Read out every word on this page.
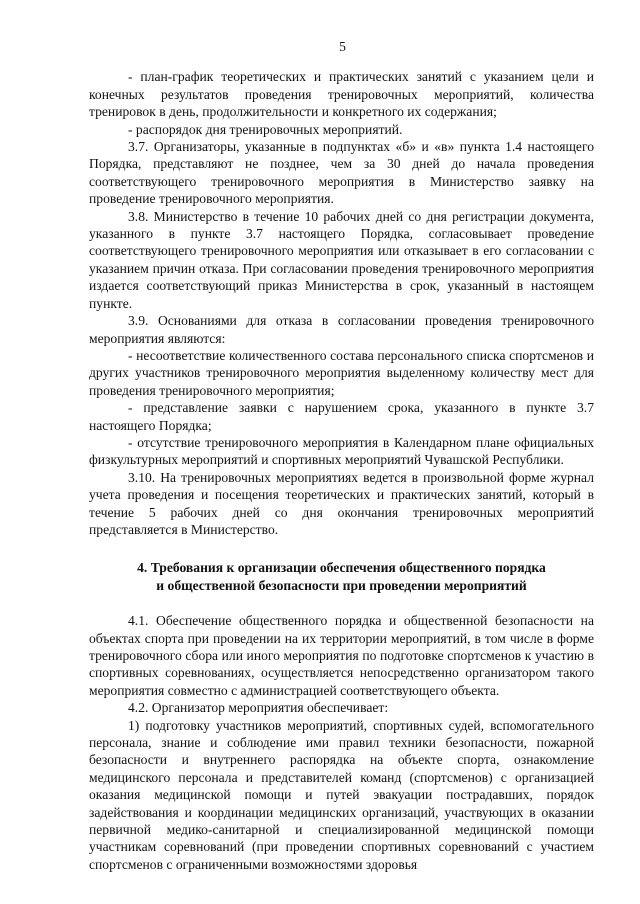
5

- план-график теоретических и практических занятий с указанием цели и конечных результатов проведения тренировочных мероприятий, количества тренировок в день, продолжительности и конкретного их содержания;

- распорядок дня тренировочных мероприятий.

3.7. Организаторы, указанные в подпунктах «б» и «в» пункта 1.4 настоящего Порядка, представляют не позднее, чем за 30 дней до начала проведения соответствующего тренировочного мероприятия в Министерство заявку на проведение тренировочного мероприятия.

3.8. Министерство в течение 10 рабочих дней со дня регистрации документа, указанного в пункте 3.7 настоящего Порядка, согласовывает проведение соответствующего тренировочного мероприятия или отказывает в его согласовании с указанием причин отказа. При согласовании проведения тренировочного мероприятия издается соответствующий приказ Министерства в срок, указанный в настоящем пункте.

3.9. Основаниями для отказа в согласовании проведения тренировочного мероприятия являются:

- несоответствие количественного состава персонального списка спортсменов и других участников тренировочного мероприятия выделенному количеству мест для проведения тренировочного мероприятия;

- представление заявки с нарушением срока, указанного в пункте 3.7 настоящего Порядка;

- отсутствие тренировочного мероприятия в Календарном плане официальных физкультурных мероприятий и спортивных мероприятий Чувашской Республики.

3.10. На тренировочных мероприятиях ведется в произвольной форме журнал учета проведения и посещения теоретических и практических занятий, который в течение 5 рабочих дней со дня окончания тренировочных мероприятий представляется в Министерство.

4. Требования к организации обеспечения общественного порядка
и общественной безопасности при проведении мероприятий

4.1. Обеспечение общественного порядка и общественной безопасности на объектах спорта при проведении на их территории мероприятий, в том числе в форме тренировочного сбора или иного мероприятия по подготовке спортсменов к участию в спортивных соревнованиях, осуществляется непосредственно организатором такого мероприятия совместно с администрацией соответствующего объекта.

4.2. Организатор мероприятия обеспечивает:

1) подготовку участников мероприятий, спортивных судей, вспомогательного персонала, знание и соблюдение ими правил техники безопасности, пожарной безопасности и внутреннего распорядка на объекте спорта, ознакомление медицинского персонала и представителей команд (спортсменов) с организацией оказания медицинской помощи и путей эвакуации пострадавших, порядок задействования и координации медицинских организаций, участвующих в оказании первичной медико-санитарной и специализированной медицинской помощи участникам соревнований (при проведении спортивных соревнований с участием спортсменов с ограниченными возможностями здоровья
